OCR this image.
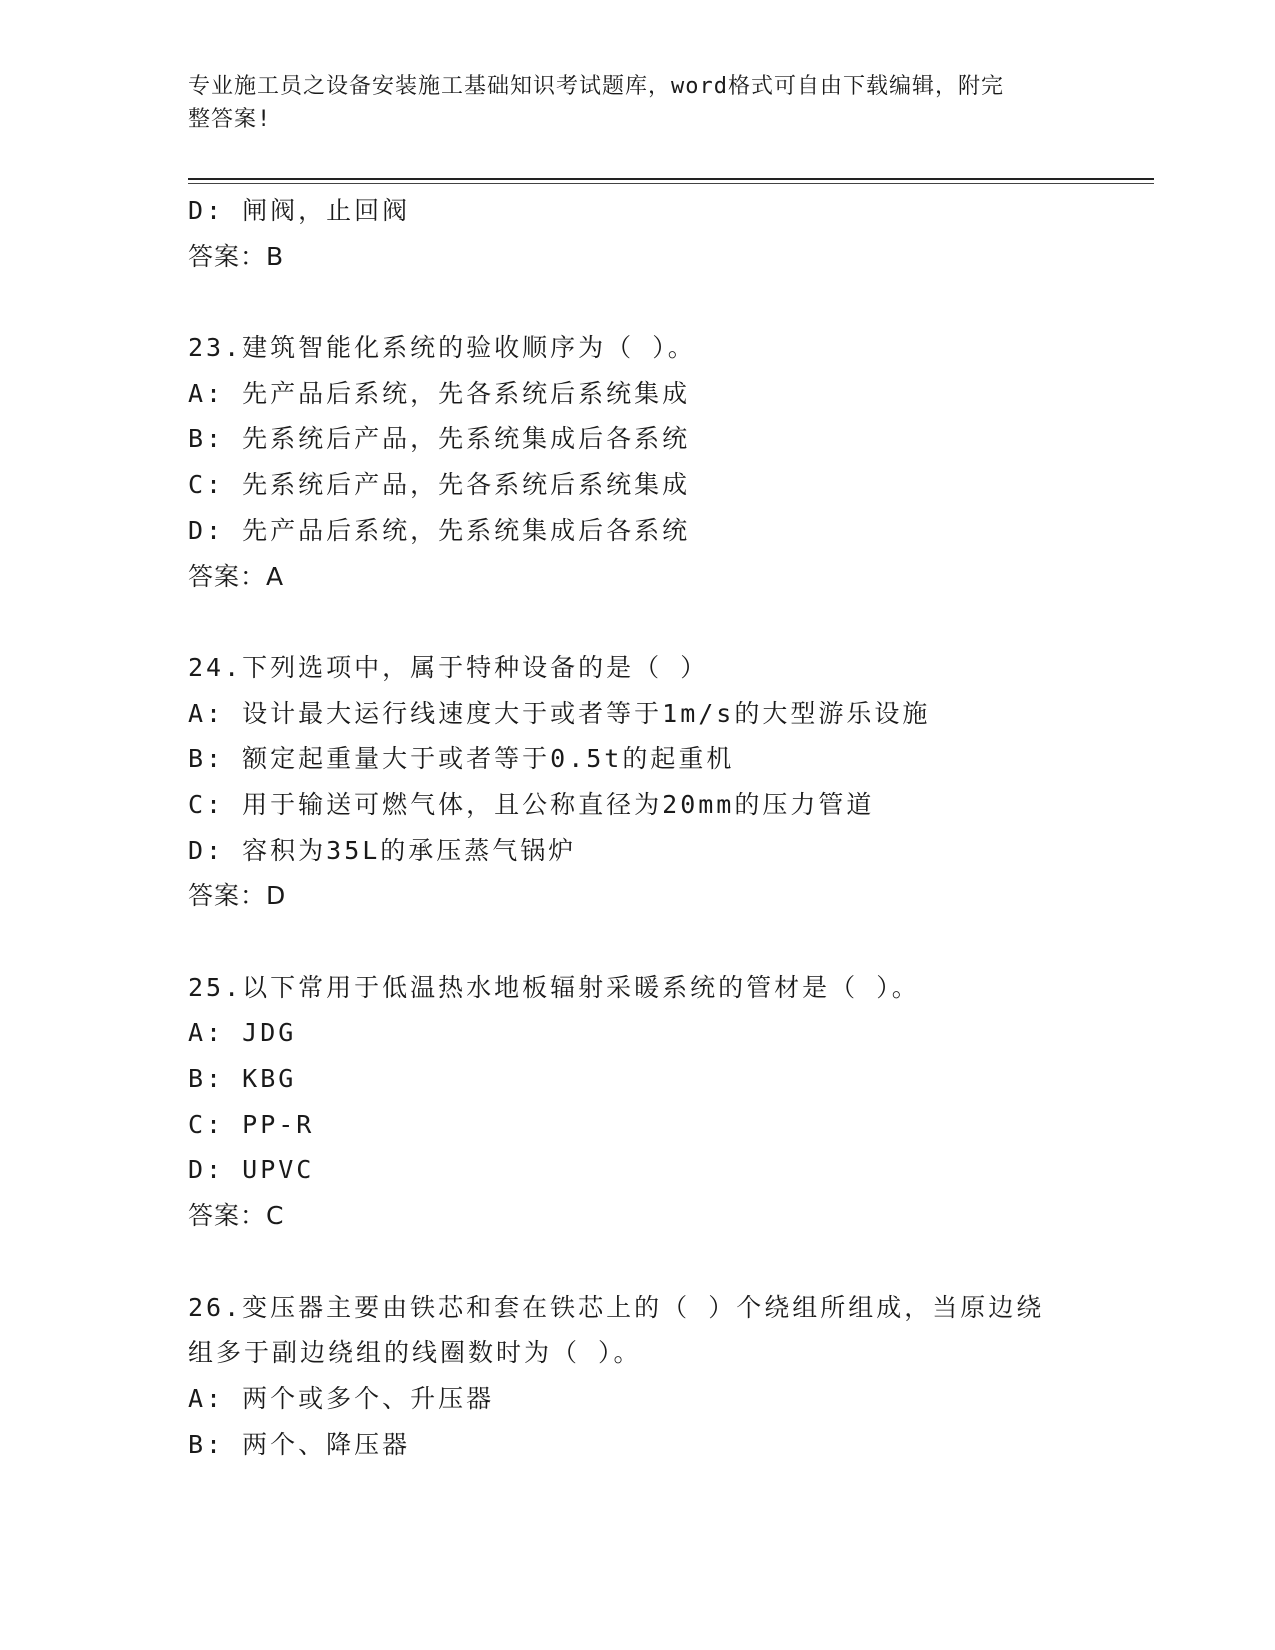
专业施工员之设备安装施工基础知识考试题库，word格式可自由下载编辑，附完
整答案!
D: 闸阀，止回阀
答案：B
23.建筑智能化系统的验收顺序为（ ）。
A: 先产品后系统，先各系统后系统集成
B: 先系统后产品，先系统集成后各系统
C: 先系统后产品，先各系统后系统集成
D: 先产品后系统，先系统集成后各系统
答案：A
24.下列选项中，属于特种设备的是（ ）
A: 设计最大运行线速度大于或者等于1m/s的大型游乐设施
B: 额定起重量大于或者等于0.5t的起重机
C: 用于输送可燃气体，且公称直径为20mm的压力管道
D: 容积为35L的承压蒸气锅炉
答案：D
25.以下常用于低温热水地板辐射采暖系统的管材是（ ）。
A: JDG
B: KBG
C: PP-R
D: UPVC
答案：C
26.变压器主要由铁芯和套在铁芯上的（ ）个绕组所组成，当原边绕
组多于副边绕组的线圈数时为（ ）。
A: 两个或多个、升压器
B: 两个、降压器
